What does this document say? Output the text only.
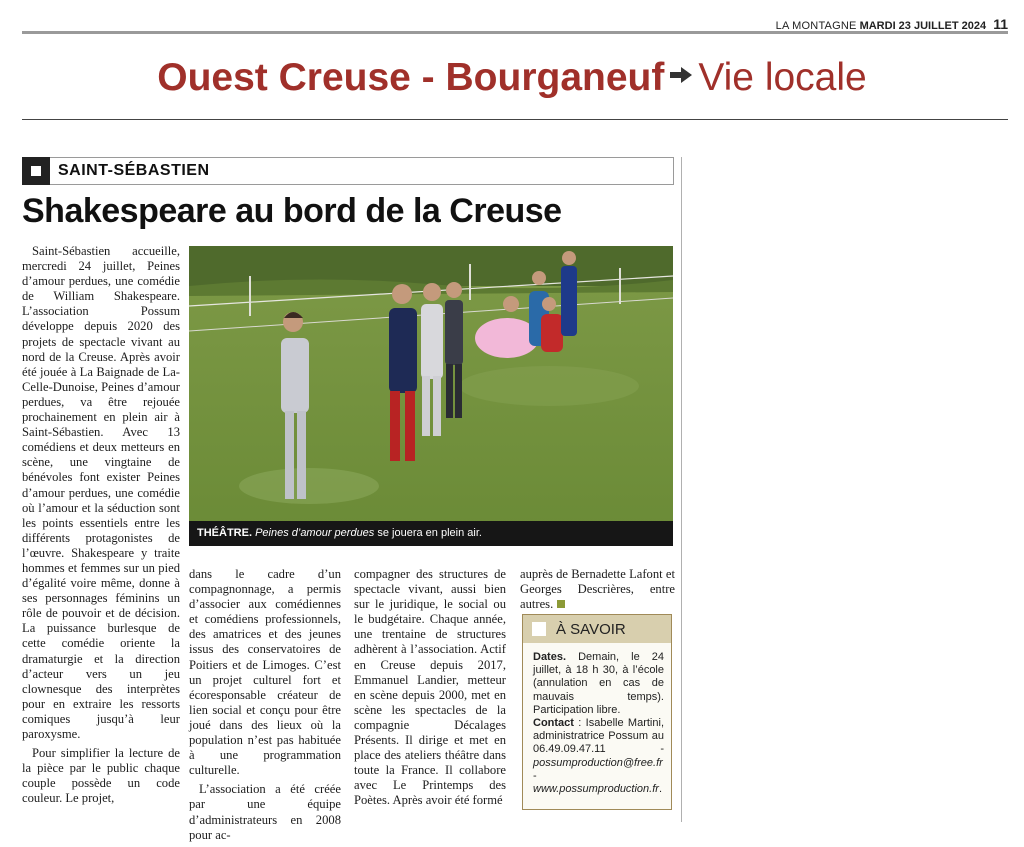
LA MONTAGNE MARDI 23 JUILLET 2024 11
Ouest Creuse - Bourganeuf Vie locale
SAINT-SÉBASTIEN
Shakespeare au bord de la Creuse

Saint-Sébastien accueille, mercredi 24 juillet, Peines d’amour perdues, une comédie de William Shakespeare. L’association Possum développe depuis 2020 des projets de spectacle vivant au nord de la Creuse. Après avoir été jouée à La Baignade de La-Celle-Dunoise, Peines d’amour perdues, va être rejouée prochainement en plein air à Saint-Sébastien. Avec 13 comédiens et deux metteurs en scène, une vingtaine de bénévoles font exister Peines d’amour perdues, une comédie où l’amour et la séduction sont les points essentiels entre les différents protagonistes de l’œuvre. Shakespeare y traite hommes et femmes sur un pied d’égalité voire même, donne à ses personnages féminins un rôle de pouvoir et de décision. La puissance burlesque de cette comédie oriente la dramaturgie et la direction d’acteur vers un jeu clownesque des interprètes pour en extraire les ressorts comiques jusqu’à leur paroxysme.

Pour simplifier la lecture de la pièce par le public chaque couple possède un code couleur. Le projet,

THÉÂTRE. Peines d’amour perdues se jouera en plein air.

dans le cadre d’un compagnonnage, a permis d’associer aux comédiennes et comédiens professionnels, des amatrices et des jeunes issus des conservatoires de Poitiers et de Limoges. C’est un projet culturel fort et écoresponsable créateur de lien social et conçu pour être joué dans des lieux où la population n’est pas habituée à une programmation culturelle.

L’association a été créée par une équipe d’administrateurs en 2008 pour ac-

compagner des structures de spectacle vivant, aussi bien sur le juridique, le social ou le budgétaire. Chaque année, une trentaine de structures adhèrent à l’association. Actif en Creuse depuis 2017, Emmanuel Landier, metteur en scène depuis 2000, met en scène les spectacles de la compagnie Décalages Présents. Il dirige et met en place des ateliers théâtre dans toute la France. Il collabore avec Le Printemps des Poètes. Après avoir été formé

auprès de Bernadette Lafont et Georges Descrières, entre autres.

À SAVOIR

Dates. Demain, le 24 juillet, à 18 h 30, à l’école (annulation en cas de mauvais temps). Participation libre.

Contact : Isabelle Martini, administratrice Possum au 06.49.09.47.11 - possumproduction@free.fr - www.possumproduction.fr.
